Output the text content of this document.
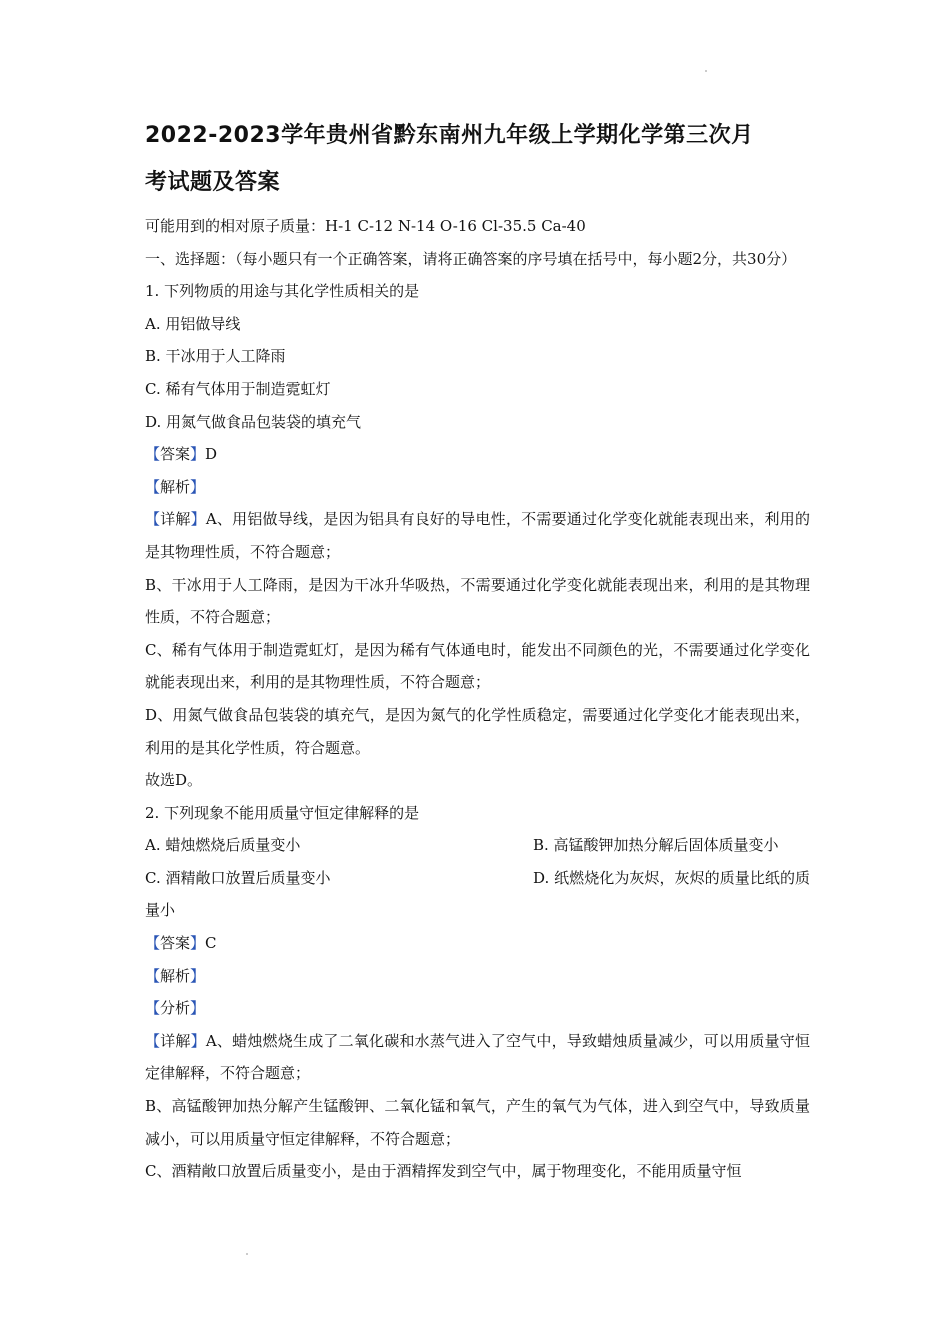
2022-2023学年贵州省黔东南州九年级上学期化学第三次月
考试题及答案
可能用到的相对原子质量：H-1 C-12 N-14 O-16 Cl-35.5 Ca-40
一、选择题：（每小题只有一个正确答案，请将正确答案的序号填在括号中，每小题2分，共30分）
1. 下列物质的用途与其化学性质相关的是
A. 用铝做导线
B. 干冰用于人工降雨
C. 稀有气体用于制造霓虹灯
D. 用氮气做食品包装袋的填充气
【答案】D
【解析】
【详解】A、用铝做导线，是因为铝具有良好的导电性，不需要通过化学变化就能表现出来，利用的是其物理性质，不符合题意；
B、干冰用于人工降雨，是因为干冰升华吸热，不需要通过化学变化就能表现出来，利用的是其物理性质，不符合题意；
C、稀有气体用于制造霓虹灯，是因为稀有气体通电时，能发出不同颜色的光，不需要通过化学变化就能表现出来，利用的是其物理性质，不符合题意；
D、用氮气做食品包装袋的填充气，是因为氮气的化学性质稳定，需要通过化学变化才能表现出来，利用的是其化学性质，符合题意。
故选D。
2. 下列现象不能用质量守恒定律解释的是
A. 蜡烛燃烧后质量变小	B. 高锰酸钾加热分解后固体质量变小
C. 酒精敞口放置后质量变小	D. 纸燃烧化为灰烬，灰烬的质量比纸的质量小
【答案】C
【解析】
【分析】
【详解】A、蜡烛燃烧生成了二氧化碳和水蒸气进入了空气中，导致蜡烛质量减少，可以用质量守恒定律解释，不符合题意；
B、高锰酸钾加热分解产生锰酸钾、二氧化锰和氧气，产生的氧气为气体，进入到空气中，导致质量减小，可以用质量守恒定律解释，不符合题意；
C、酒精敞口放置后质量变小，是由于酒精挥发到空气中，属于物理变化，不能用质量守恒
